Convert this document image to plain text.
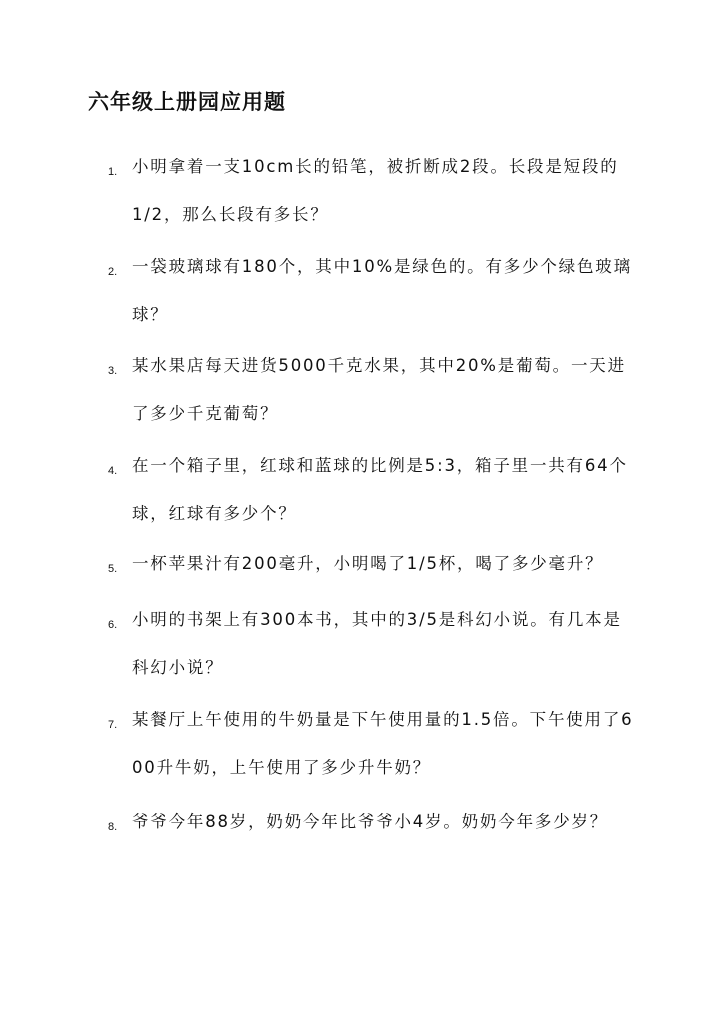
六年级上册园应用题
1. 小明拿着一支10cm长的铅笔，被折断成2段。长段是短段的1/2，那么长段有多长？
2. 一袋玻璃球有180个，其中10%是绿色的。有多少个绿色玻璃球？
3. 某水果店每天进货5000千克水果，其中20%是葡萄。一天进了多少千克葡萄？
4. 在一个箱子里，红球和蓝球的比例是5:3，箱子里一共有64个球，红球有多少个？
5. 一杯苹果汁有200毫升，小明喝了1/5杯，喝了多少毫升？
6. 小明的书架上有300本书，其中的3/5是科幻小说。有几本是科幻小说？
7. 某餐厅上午使用的牛奶量是下午使用量的1.5倍。下午使用了600升牛奶，上午使用了多少升牛奶？
8. 爷爷今年88岁，奶奶今年比爷爷小4岁。奶奶今年多少岁？
